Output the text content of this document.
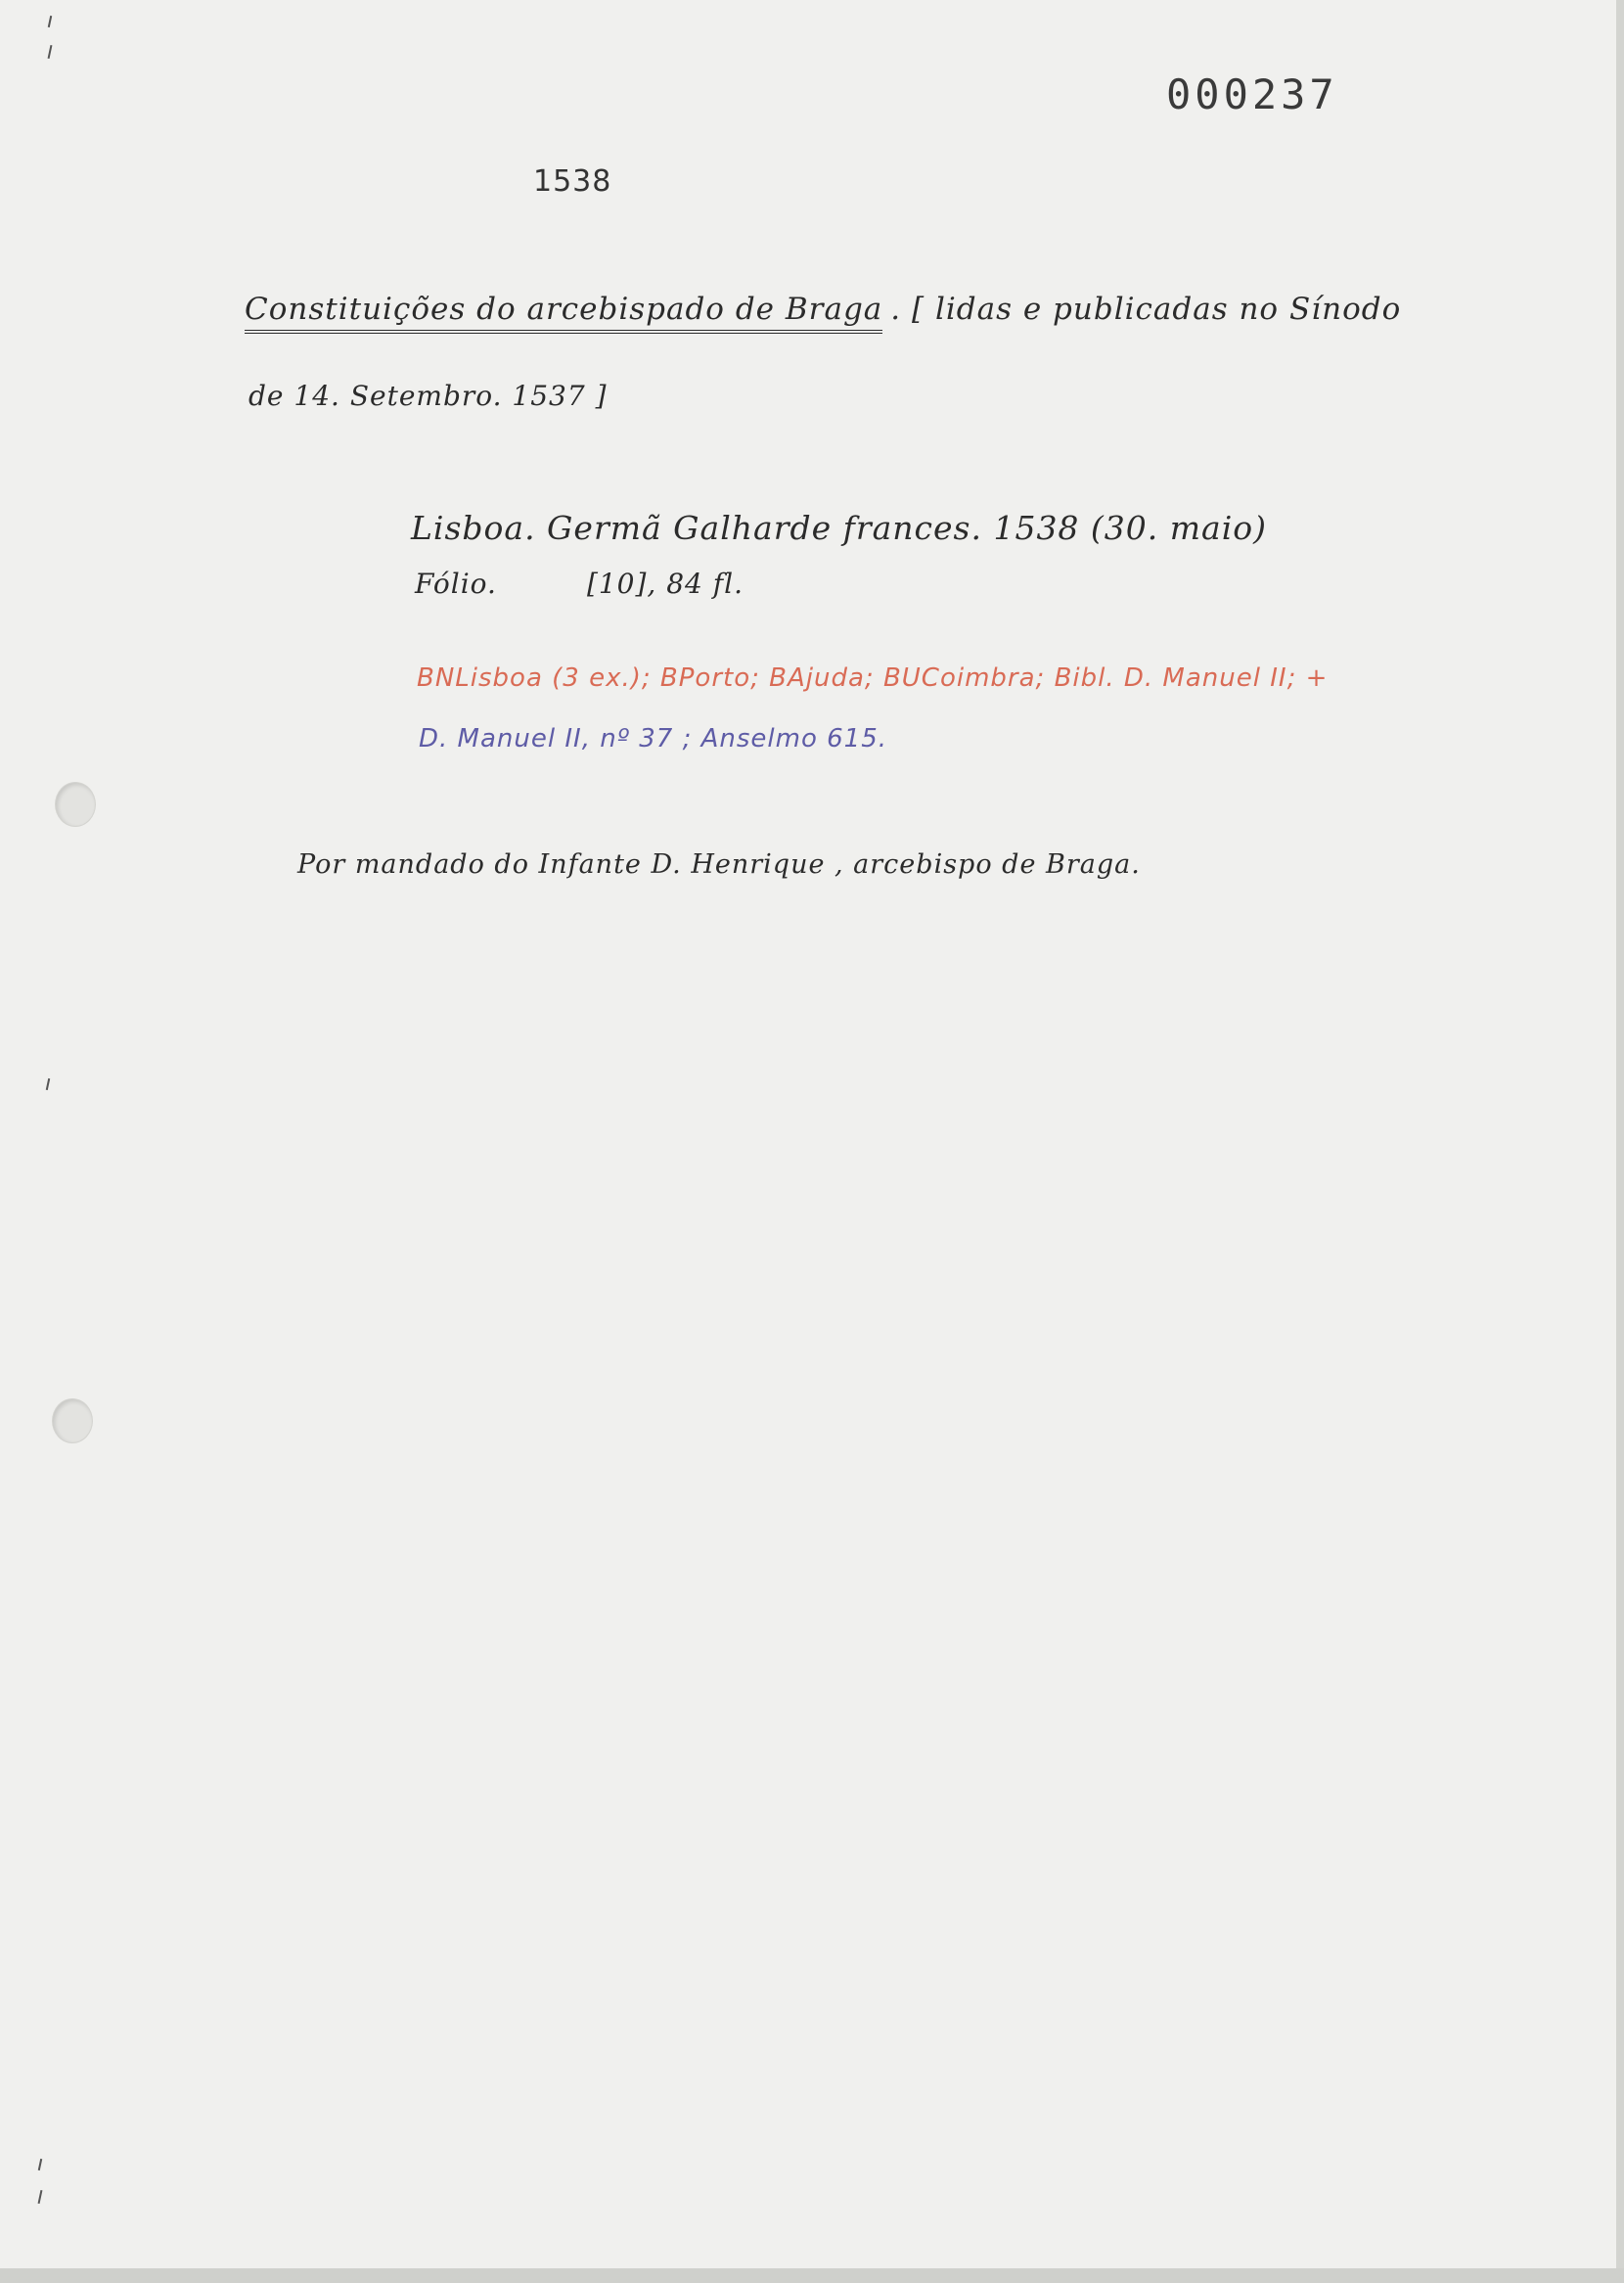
000237
1538
Constituições do arcebispado de Braga . [ lidas e publicadas no Sínodo
de 14. Setembro. 1537 ]
Lisboa. Germã Galharde frances. 1538 (30. maio)
Fólio.	[10], 84 fl.
BNLisboa (3 ex.); BPorto; BAjuda; BUCoimbra; Bibl. D. Manuel II; +
D. Manuel II, nº 37 ; Anselmo 615.
Por mandado do Infante D. Henrique , arcebispo de Braga.
